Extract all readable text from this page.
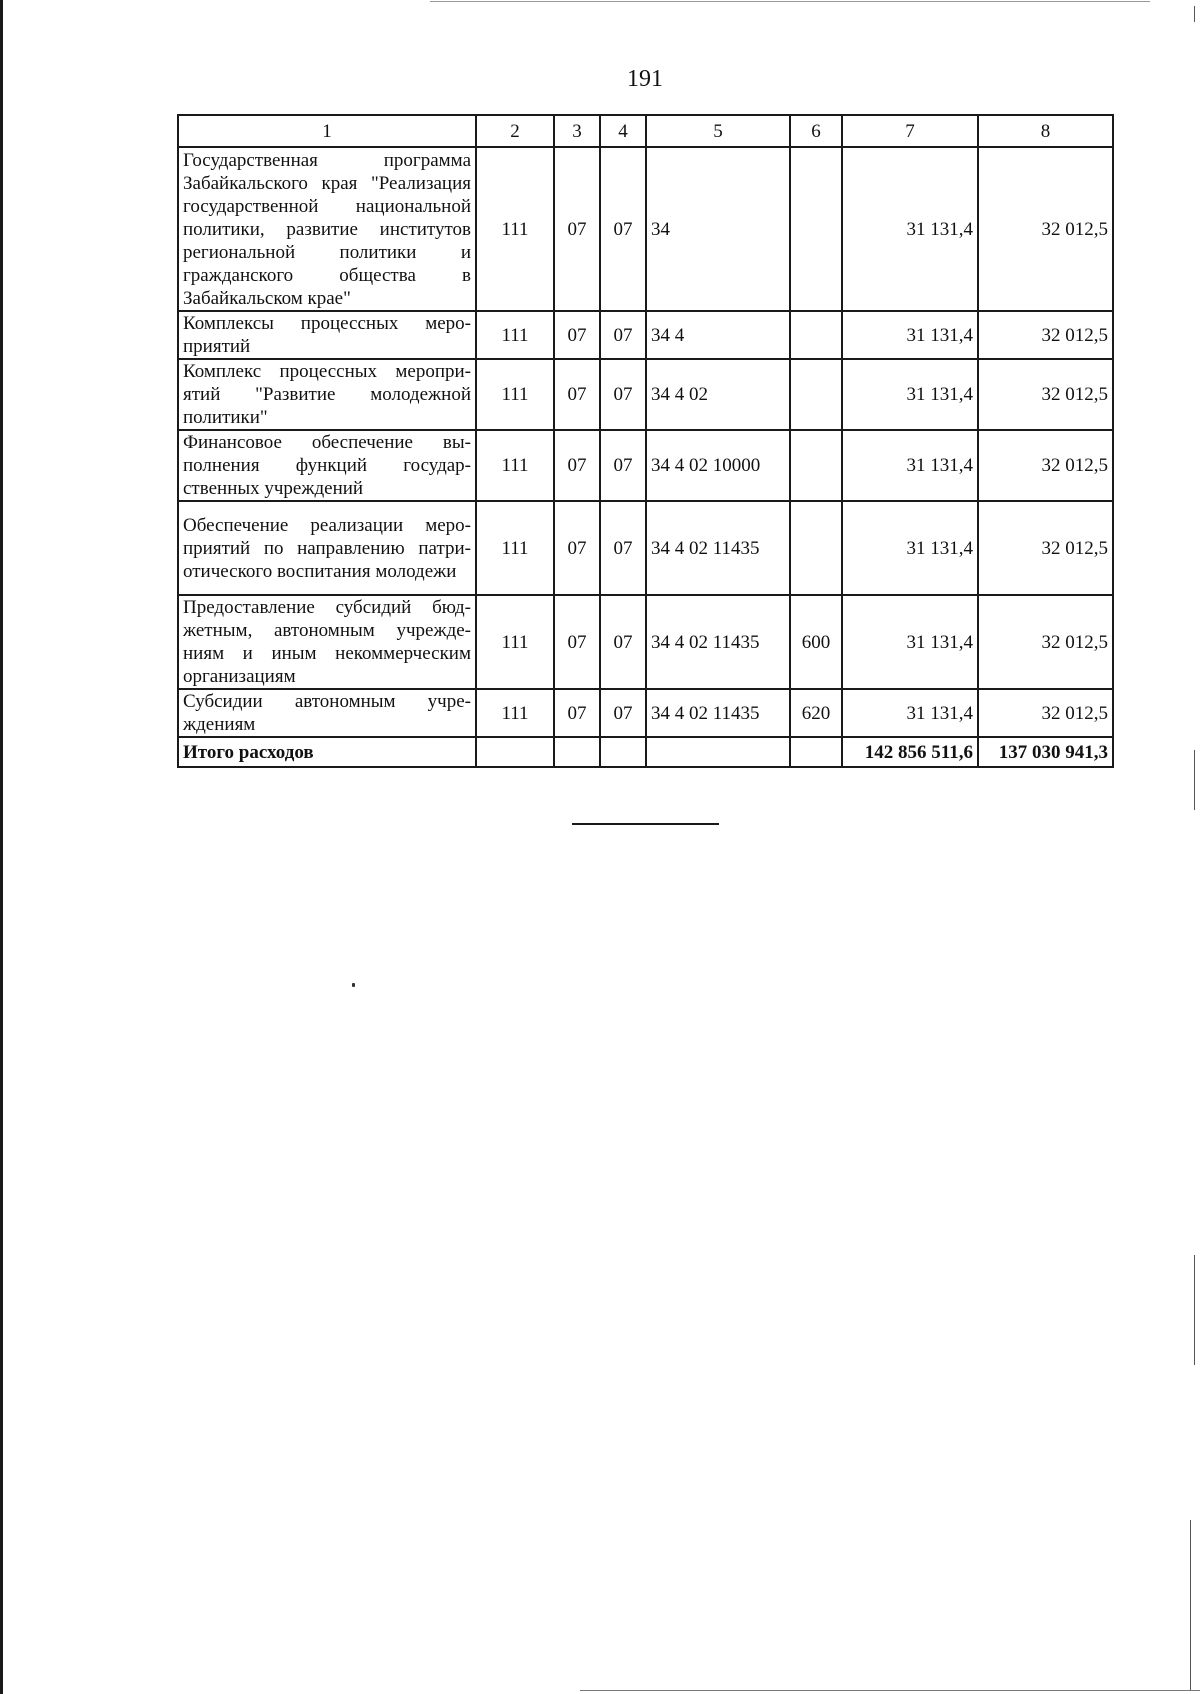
191
1	2	3	4	5	6	7	8
Государственная программа Забайкальского края "Реализация государственной национальной политики, развитие институтов региональной политики и гражданского общества в Забайкальском крае"	111	07	07	34		31 131,4	32 012,5
Комплексы процессных мероприятий	111	07	07	34 4		31 131,4	32 012,5
Комплекс процессных мероприятий "Развитие молодежной политики"	111	07	07	34 4 02		31 131,4	32 012,5
Финансовое обеспечение выполнения функций государственных учреждений	111	07	07	34 4 02 10000		31 131,4	32 012,5
Обеспечение реализации мероприятий по направлению патриотического воспитания молодежи	111	07	07	34 4 02 11435		31 131,4	32 012,5
Предоставление субсидий бюджетным, автономным учреждениям и иным некоммерческим организациям	111	07	07	34 4 02 11435	600	31 131,4	32 012,5
Субсидии автономным учреждениям	111	07	07	34 4 02 11435	620	31 131,4	32 012,5
Итого расходов						142 856 511,6	137 030 941,3
